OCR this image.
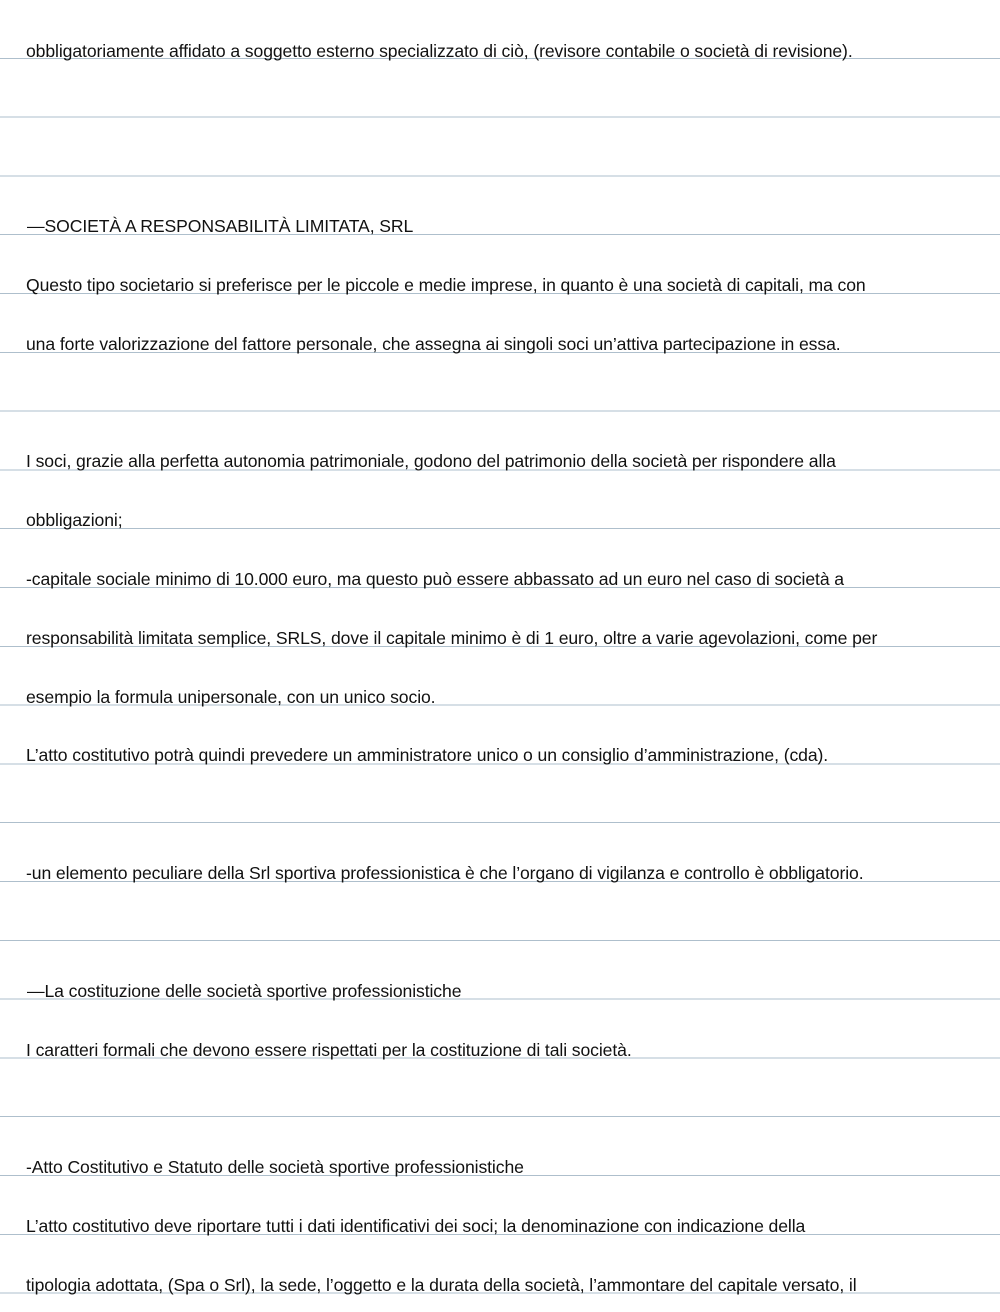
obbligatoriamente affidato a soggetto esterno specializzato di ciò, (revisore contabile o società di revisione).
—SOCIETÀ A RESPONSABILITÀ LIMITATA, SRL
Questo tipo societario si preferisce per le piccole e medie imprese, in quanto è una società di capitali, ma con
una forte valorizzazione del fattore personale, che assegna ai singoli soci un’attiva partecipazione in essa.
I soci, grazie alla perfetta autonomia patrimoniale, godono del patrimonio della società per rispondere alla
obbligazioni;
-capitale sociale minimo di 10.000 euro, ma questo può essere abbassato ad un euro nel caso di società a
responsabilità limitata semplice, SRLS, dove il capitale minimo è di 1 euro, oltre a varie agevolazioni, come per
esempio la formula unipersonale, con un unico socio.
L’atto costitutivo potrà quindi prevedere un amministratore unico o un consiglio d’amministrazione, (cda).
-un elemento peculiare della Srl sportiva professionistica è che l’organo di vigilanza e controllo è obbligatorio.
—La costituzione delle società sportive professionistiche
I caratteri formali che devono essere rispettati per la costituzione di tali società.
-Atto Costitutivo e Statuto delle società sportive professionistiche
L’atto costitutivo deve riportare tutti i dati identificativi dei soci; la denominazione con indicazione della
tipologia adottata, (Spa o Srl), la sede, l’oggetto e la durata della società, l’ammontare del capitale versato, il
